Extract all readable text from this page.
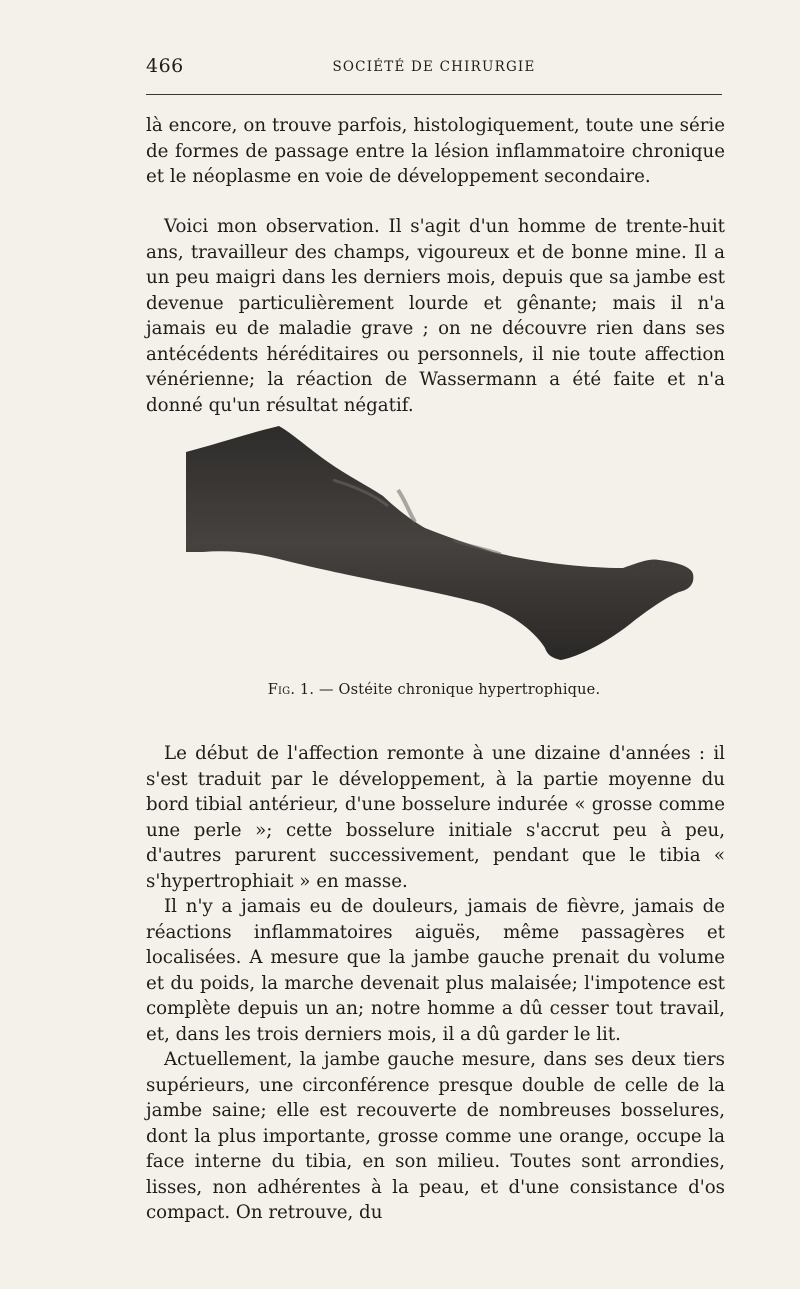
466	SOCIÉTÉ DE CHIRURGIE

là encore, on trouve parfois, histologiquement, toute une série de formes de passage entre la lésion inflammatoire chronique et le néoplasme en voie de développement secondaire.

Voici mon observation. Il s'agit d'un homme de trente-huit ans, travailleur des champs, vigoureux et de bonne mine. Il a un peu maigri dans les derniers mois, depuis que sa jambe est devenue particulièrement lourde et gênante; mais il n'a jamais eu de maladie grave ; on ne découvre rien dans ses antécédents héréditaires ou personnels, il nie toute affection vénérienne; la réaction de Wassermann a été faite et n'a donné qu'un résultat négatif.

Fig. 1. — Ostéite chronique hypertrophique.

Le début de l'affection remonte à une dizaine d'années : il s'est traduit par le développement, à la partie moyenne du bord tibial antérieur, d'une bosselure indurée « grosse comme une perle »; cette bosselure initiale s'accrut peu à peu, d'autres parurent successivement, pendant que le tibia « s'hypertrophiait » en masse.

Il n'y a jamais eu de douleurs, jamais de fièvre, jamais de réactions inflammatoires aiguës, même passagères et localisées. A mesure que la jambe gauche prenait du volume et du poids, la marche devenait plus malaisée; l'impotence est complète depuis un an; notre homme a dû cesser tout travail, et, dans les trois derniers mois, il a dû garder le lit.

Actuellement, la jambe gauche mesure, dans ses deux tiers supérieurs, une circonférence presque double de celle de la jambe saine; elle est recouverte de nombreuses bosselures, dont la plus importante, grosse comme une orange, occupe la face interne du tibia, en son milieu. Toutes sont arrondies, lisses, non adhérentes à la peau, et d'une consistance d'os compact. On retrouve, du
